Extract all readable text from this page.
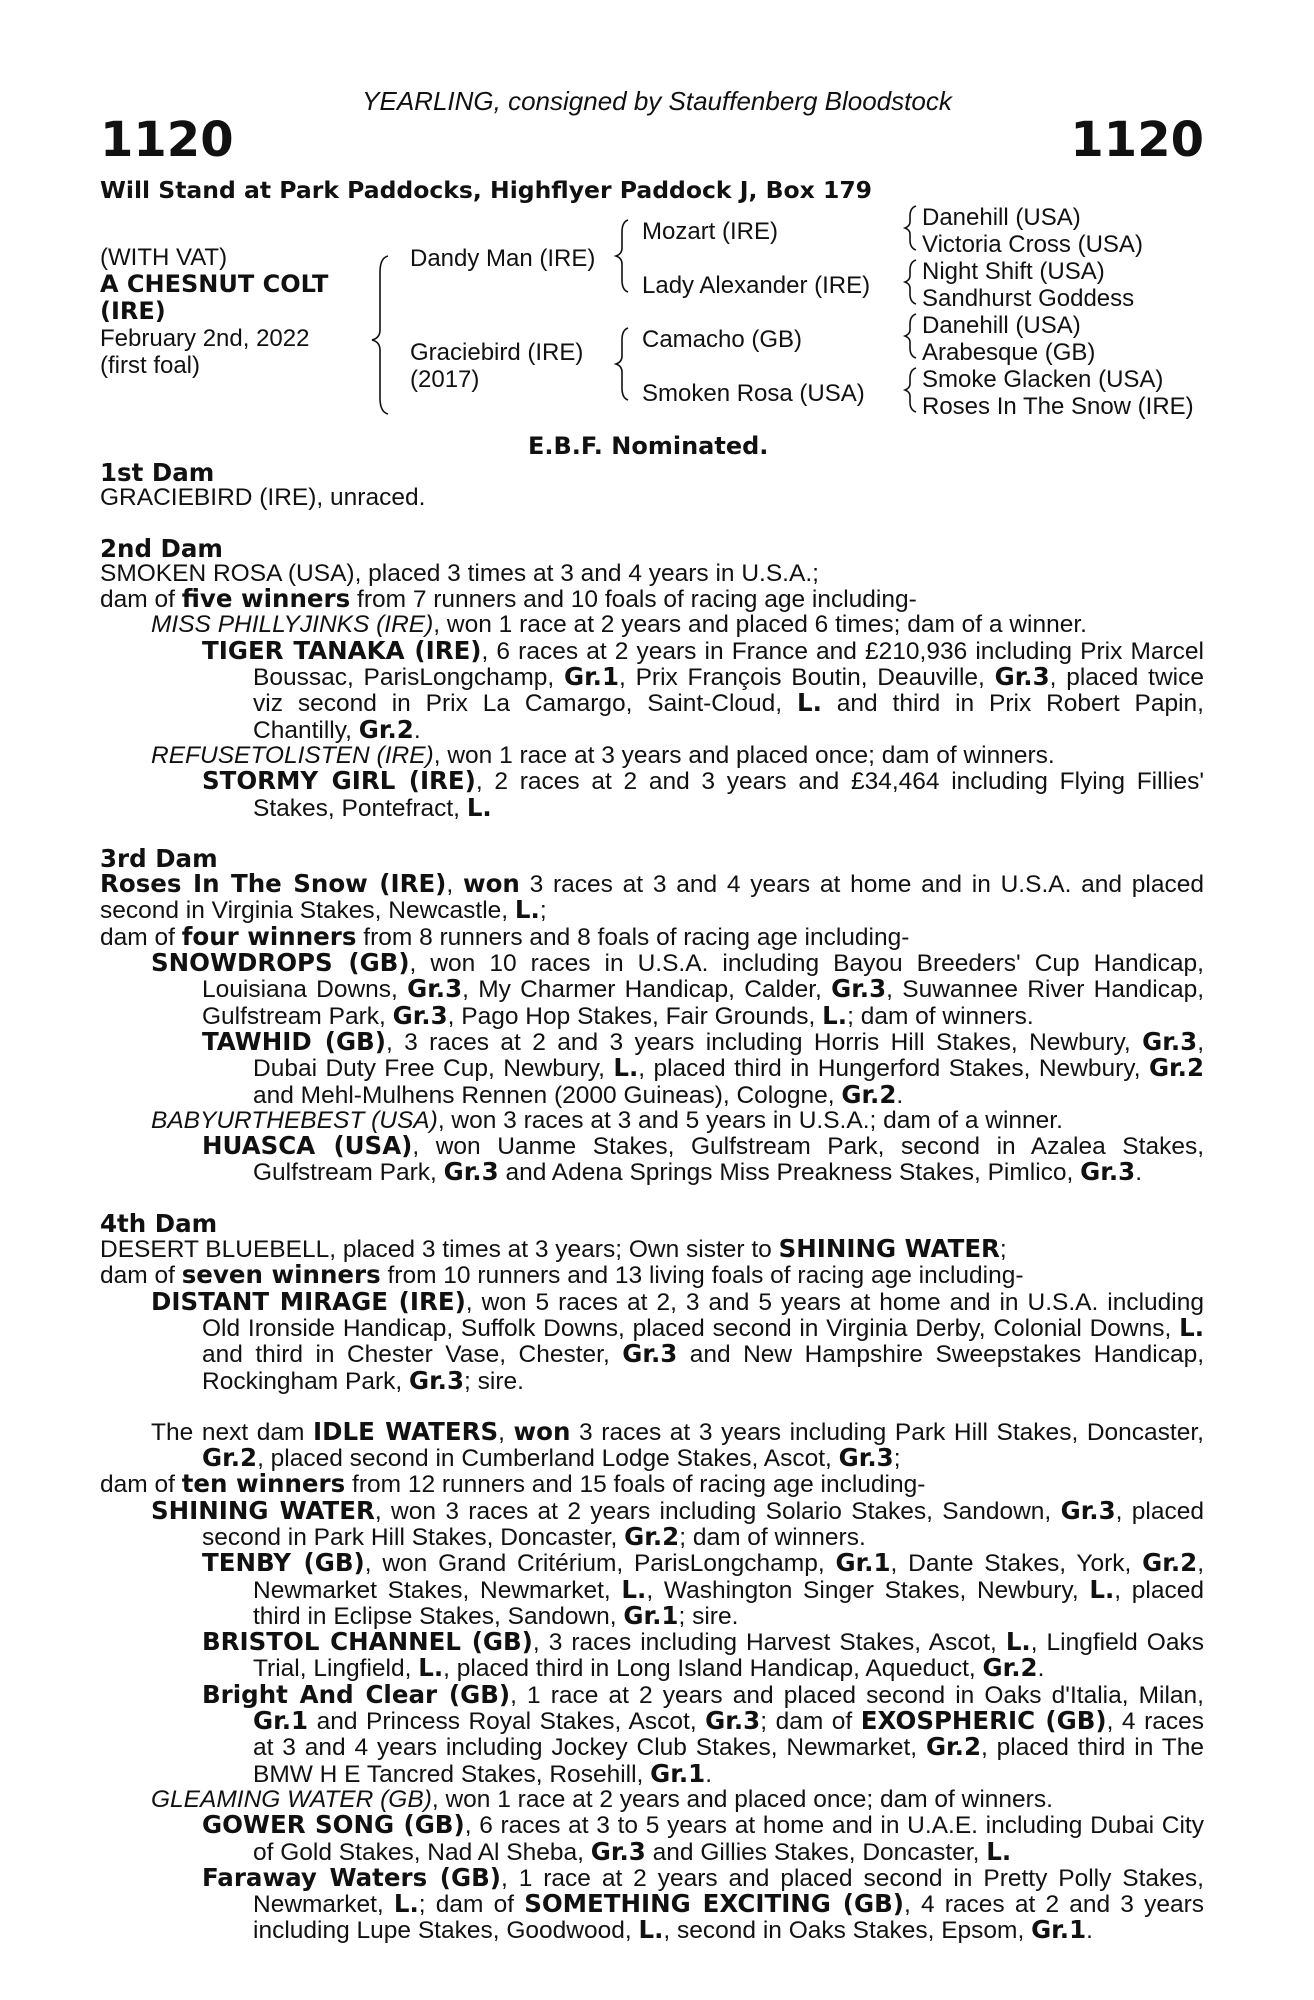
YEARLING, consigned by Stauffenberg Bloodstock
1120	1120
Will Stand at Park Paddocks, Highflyer Paddock J, Box 179
(WITH VAT)
A CHESNUT COLT
(IRE)
February 2nd, 2022
(first foal)
Dandy Man (IRE)
Graciebird (IRE)
(2017)
Mozart (IRE)
Lady Alexander (IRE)
Camacho (GB)
Smoken Rosa (USA)
Danehill (USA)
Victoria Cross (USA)
Night Shift (USA)
Sandhurst Goddess
Danehill (USA)
Arabesque (GB)
Smoke Glacken (USA)
Roses In The Snow (IRE)
E.B.F. Nominated.
1st Dam

GRACIEBIRD (IRE), unraced.

2nd Dam

SMOKEN ROSA (USA), placed 3 times at 3 and 4 years in U.S.A.;

dam of five winners from 7 runners and 10 foals of racing age including-

MISS PHILLYJINKS (IRE), won 1 race at 2 years and placed 6 times; dam of a winner.

TIGER TANAKA (IRE), 6 races at 2 years in France and £210,936 including Prix Marcel Boussac, ParisLongchamp, Gr.1, Prix François Boutin, Deauville, Gr.3, placed twice viz second in Prix La Camargo, Saint-Cloud, L. and third in Prix Robert Papin, Chantilly, Gr.2.

REFUSETOLISTEN (IRE), won 1 race at 3 years and placed once; dam of winners.

STORMY GIRL (IRE), 2 races at 2 and 3 years and £34,464 including Flying Fillies' Stakes, Pontefract, L.

3rd Dam

Roses In The Snow (IRE), won 3 races at 3 and 4 years at home and in U.S.A. and placed second in Virginia Stakes, Newcastle, L.;

dam of four winners from 8 runners and 8 foals of racing age including-

SNOWDROPS (GB), won 10 races in U.S.A. including Bayou Breeders' Cup Handicap, Louisiana Downs, Gr.3, My Charmer Handicap, Calder, Gr.3, Suwannee River Handicap, Gulfstream Park, Gr.3, Pago Hop Stakes, Fair Grounds, L.; dam of winners.

TAWHID (GB), 3 races at 2 and 3 years including Horris Hill Stakes, Newbury, Gr.3, Dubai Duty Free Cup, Newbury, L., placed third in Hungerford Stakes, Newbury, Gr.2 and Mehl-Mulhens Rennen (2000 Guineas), Cologne, Gr.2.

BABYURTHEBEST (USA), won 3 races at 3 and 5 years in U.S.A.; dam of a winner.

HUASCA (USA), won Uanme Stakes, Gulfstream Park, second in Azalea Stakes, Gulfstream Park, Gr.3 and Adena Springs Miss Preakness Stakes, Pimlico, Gr.3.

4th Dam

DESERT BLUEBELL, placed 3 times at 3 years; Own sister to SHINING WATER;

dam of seven winners from 10 runners and 13 living foals of racing age including-

DISTANT MIRAGE (IRE), won 5 races at 2, 3 and 5 years at home and in U.S.A. including Old Ironside Handicap, Suffolk Downs, placed second in Virginia Derby, Colonial Downs, L. and third in Chester Vase, Chester, Gr.3 and New Hampshire Sweepstakes Handicap, Rockingham Park, Gr.3; sire.

The next dam IDLE WATERS, won 3 races at 3 years including Park Hill Stakes, Doncaster, Gr.2, placed second in Cumberland Lodge Stakes, Ascot, Gr.3;

dam of ten winners from 12 runners and 15 foals of racing age including-

SHINING WATER, won 3 races at 2 years including Solario Stakes, Sandown, Gr.3, placed second in Park Hill Stakes, Doncaster, Gr.2; dam of winners.

TENBY (GB), won Grand Critérium, ParisLongchamp, Gr.1, Dante Stakes, York, Gr.2, Newmarket Stakes, Newmarket, L., Washington Singer Stakes, Newbury, L., placed third in Eclipse Stakes, Sandown, Gr.1; sire.

BRISTOL CHANNEL (GB), 3 races including Harvest Stakes, Ascot, L., Lingfield Oaks Trial, Lingfield, L., placed third in Long Island Handicap, Aqueduct, Gr.2.

Bright And Clear (GB), 1 race at 2 years and placed second in Oaks d'Italia, Milan, Gr.1 and Princess Royal Stakes, Ascot, Gr.3; dam of EXOSPHERIC (GB), 4 races at 3 and 4 years including Jockey Club Stakes, Newmarket, Gr.2, placed third in The BMW H E Tancred Stakes, Rosehill, Gr.1.

GLEAMING WATER (GB), won 1 race at 2 years and placed once; dam of winners.

GOWER SONG (GB), 6 races at 3 to 5 years at home and in U.A.E. including Dubai City of Gold Stakes, Nad Al Sheba, Gr.3 and Gillies Stakes, Doncaster, L.

Faraway Waters (GB), 1 race at 2 years and placed second in Pretty Polly Stakes, Newmarket, L.; dam of SOMETHING EXCITING (GB), 4 races at 2 and 3 years including Lupe Stakes, Goodwood, L., second in Oaks Stakes, Epsom, Gr.1.
